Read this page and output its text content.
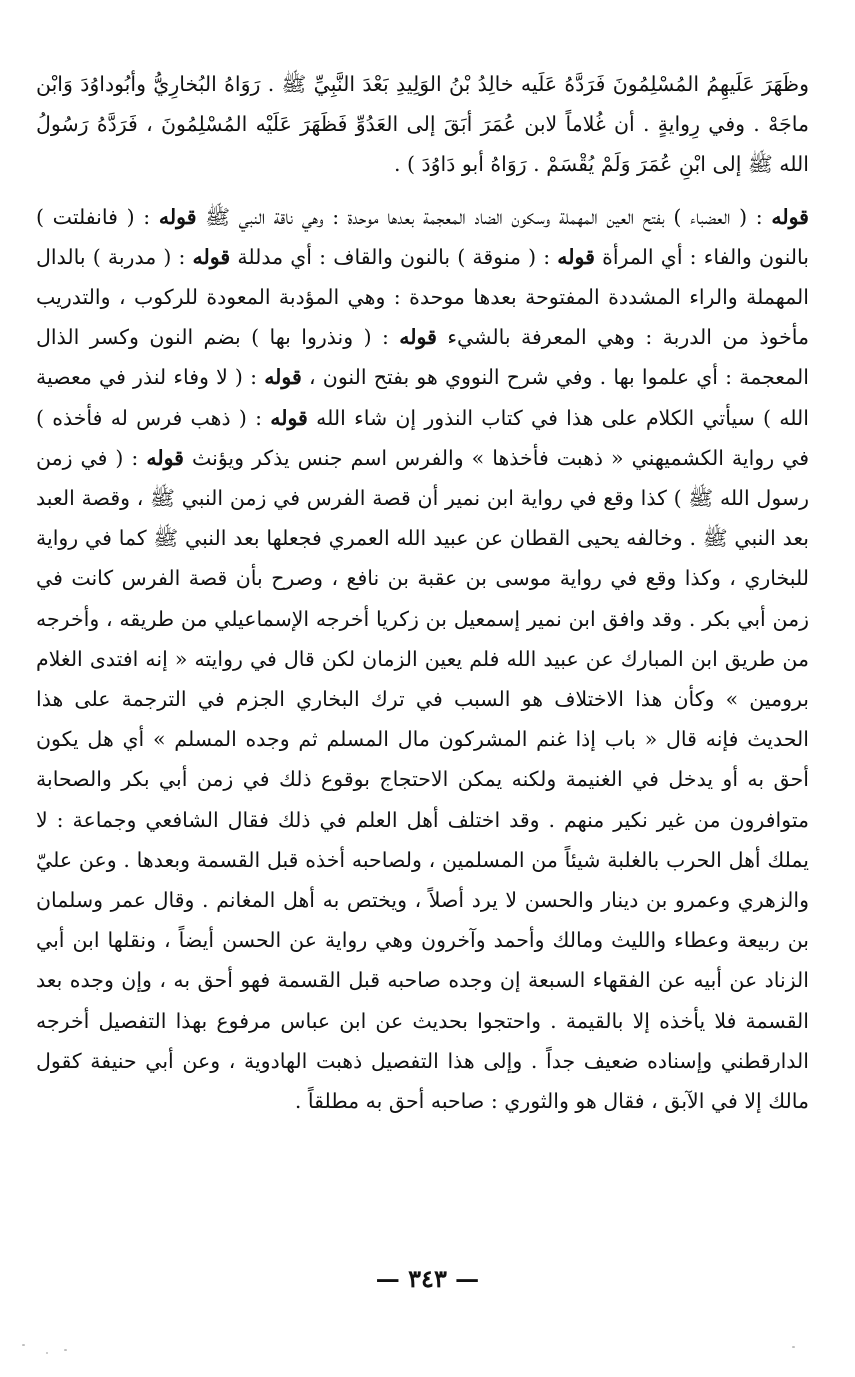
وظَهَرَ عَلَيهِمُ المُسْلِمُونَ فَرَدَّهُ عَلَيه خالِدُ بْنُ الوَلِيدِ بَعْدَ النَّبِيِّ ﷺ . رَوَاهُ البُخارِيُّ وأبُوداوُدَ وَابْن ماجَهْ . وفي رِوايةٍ . أن غُلاماً لابن عُمَرَ أبَقَ إلى العَدُوِّ فَظَهَرَ عَلَيْه المُسْلِمُونَ ، فَرَدَّهُ رَسُولُ الله ﷺ إلى ابْنِ عُمَرَ وَلَمْ يُقْسَمْ . رَوَاهُ أبو دَاوُدَ ) .

قوله : ( العضباء ) بفتح العين المهملة وسكون الضاد المعجمة بعدها موحدة : وهي ناقة النبي ﷺ قوله : ( فانفلتت ) بالنون والفاء : أي المرأة قوله : ( منوقة ) بالنون والقاف : أي مدللة قوله : ( مدربة ) بالدال المهملة والراء المشددة المفتوحة بعدها موحدة : وهي المؤدبة المعودة للركوب ، والتدريب مأخوذ من الدربة : وهي المعرفة بالشيء قوله : ( ونذروا بها ) بضم النون وكسر الذال المعجمة : أي علموا بها . وفي شرح النووي هو بفتح النون ، قوله : ( لا وفاء لنذر في معصية الله ) سيأتي الكلام على هذا في كتاب النذور إن شاء الله قوله : ( ذهب فرس له فأخذه ) في رواية الكشميهني « ذهبت فأخذها » والفرس اسم جنس يذكر ويؤنث قوله : ( في زمن رسول الله ﷺ ) كذا وقع في رواية ابن نمير أن قصة الفرس في زمن النبي ﷺ ، وقصة العبد بعد النبي ﷺ . وخالفه يحيى القطان عن عبيد الله العمري فجعلها بعد النبي ﷺ كما في رواية للبخاري ، وكذا وقع في رواية موسى بن عقبة بن نافع ، وصرح بأن قصة الفرس كانت في زمن أبي بكر . وقد وافق ابن نمير إسمعيل بن زكريا أخرجه الإسماعيلي من طريقه ، وأخرجه من طريق ابن المبارك عن عبيد الله فلم يعين الزمان لكن قال في روايته « إنه افتدى الغلام برومين » وكأن هذا الاختلاف هو السبب في ترك البخاري الجزم في الترجمة على هذا الحديث فإنه قال « باب إذا غنم المشركون مال المسلم ثم وجده المسلم » أي هل يكون أحق به أو يدخل في الغنيمة ولكنه يمكن الاحتجاج بوقوع ذلك في زمن أبي بكر والصحابة متوافرون من غير نكير منهم . وقد اختلف أهل العلم في ذلك فقال الشافعي وجماعة : لا يملك أهل الحرب بالغلبة شيئاً من المسلمين ، ولصاحبه أخذه قبل القسمة وبعدها . وعن عليّ والزهري وعمرو بن دينار والحسن لا يرد أصلاً ، ويختص به أهل المغانم . وقال عمر وسلمان بن ربيعة وعطاء والليث ومالك وأحمد وآخرون وهي رواية عن الحسن أيضاً ، ونقلها ابن أبي الزناد عن أبيه عن الفقهاء السبعة إن وجده صاحبه قبل القسمة فهو أحق به ، وإن وجده بعد القسمة فلا يأخذه إلا بالقيمة . واحتجوا بحديث عن ابن عباس مرفوع بهذا التفصيل أخرجه الدارقطني وإسناده ضعيف جداً . وإلى هذا التفصيل ذهبت الهادوية ، وعن أبي حنيفة كقول مالك إلا في الآبق ، فقال هو والثوري : صاحبه أحق به مطلقاً .

— ٣٤٣ —
